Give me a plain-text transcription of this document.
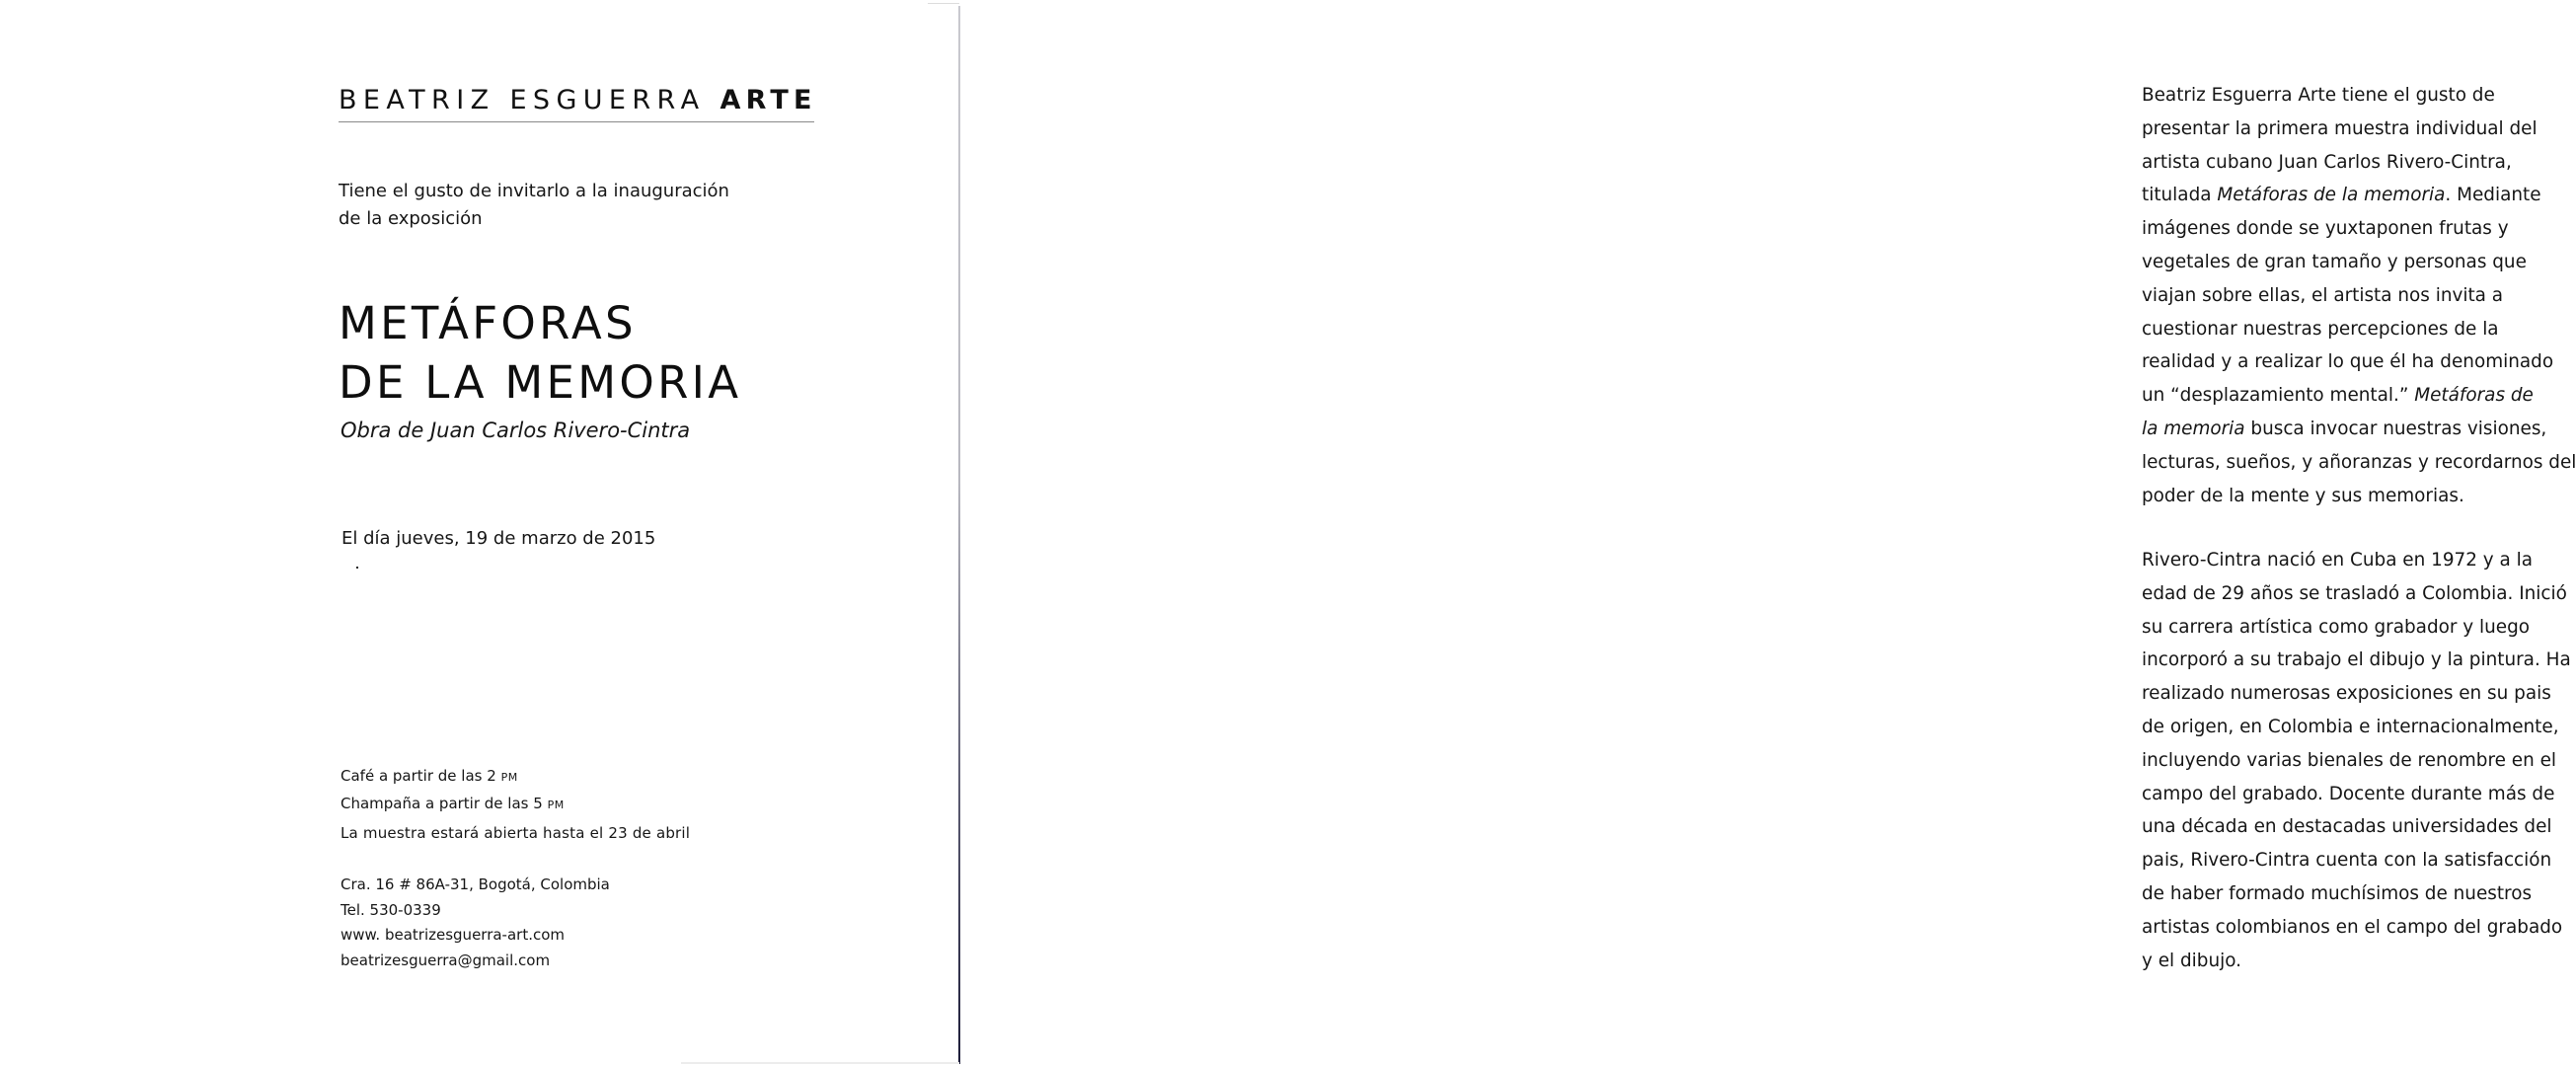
BEATRIZ ESGUERRA ARTE
Tiene el gusto de invitarlo a la inauguración
de la exposición
METÁFORAS
DE LA MEMORIA
Obra de Juan Carlos Rivero-Cintra
El día jueves, 19 de marzo de 2015
Café a partir de las 2 PM
Champaña a partir de las 5 PM
La muestra estará abierta hasta el 23 de abril
Cra. 16 # 86A-31, Bogotá, Colombia
Tel. 530-0339
www. beatrizesguerra-art.com
beatrizesguerra@gmail.com
Beatriz Esguerra Arte tiene el gusto de
presentar la primera muestra individual del
artista cubano Juan Carlos Rivero-Cintra,
titulada Metáforas de la memoria. Mediante
imágenes donde se yuxtaponen frutas y
vegetales de gran tamaño y personas que
viajan sobre ellas, el artista nos invita a
cuestionar nuestras percepciones de la
realidad y a realizar lo que él ha denominado
un “desplazamiento mental.” Metáforas de
la memoria busca invocar nuestras visiones,
lecturas, sueños, y añoranzas y recordarnos del
poder de la mente y sus memorias.
Rivero-Cintra nació en Cuba en 1972 y a la
edad de 29 años se trasladó a Colombia. Inició
su carrera artística como grabador y luego
incorporó a su trabajo el dibujo y la pintura. Ha
realizado numerosas exposiciones en su pais
de origen, en Colombia e internacionalmente,
incluyendo varias bienales de renombre en el
campo del grabado. Docente durante más de
una década en destacadas universidades del
pais, Rivero-Cintra cuenta con la satisfacción
de haber formado muchísimos de nuestros
artistas colombianos en el campo del grabado
y el dibujo.
